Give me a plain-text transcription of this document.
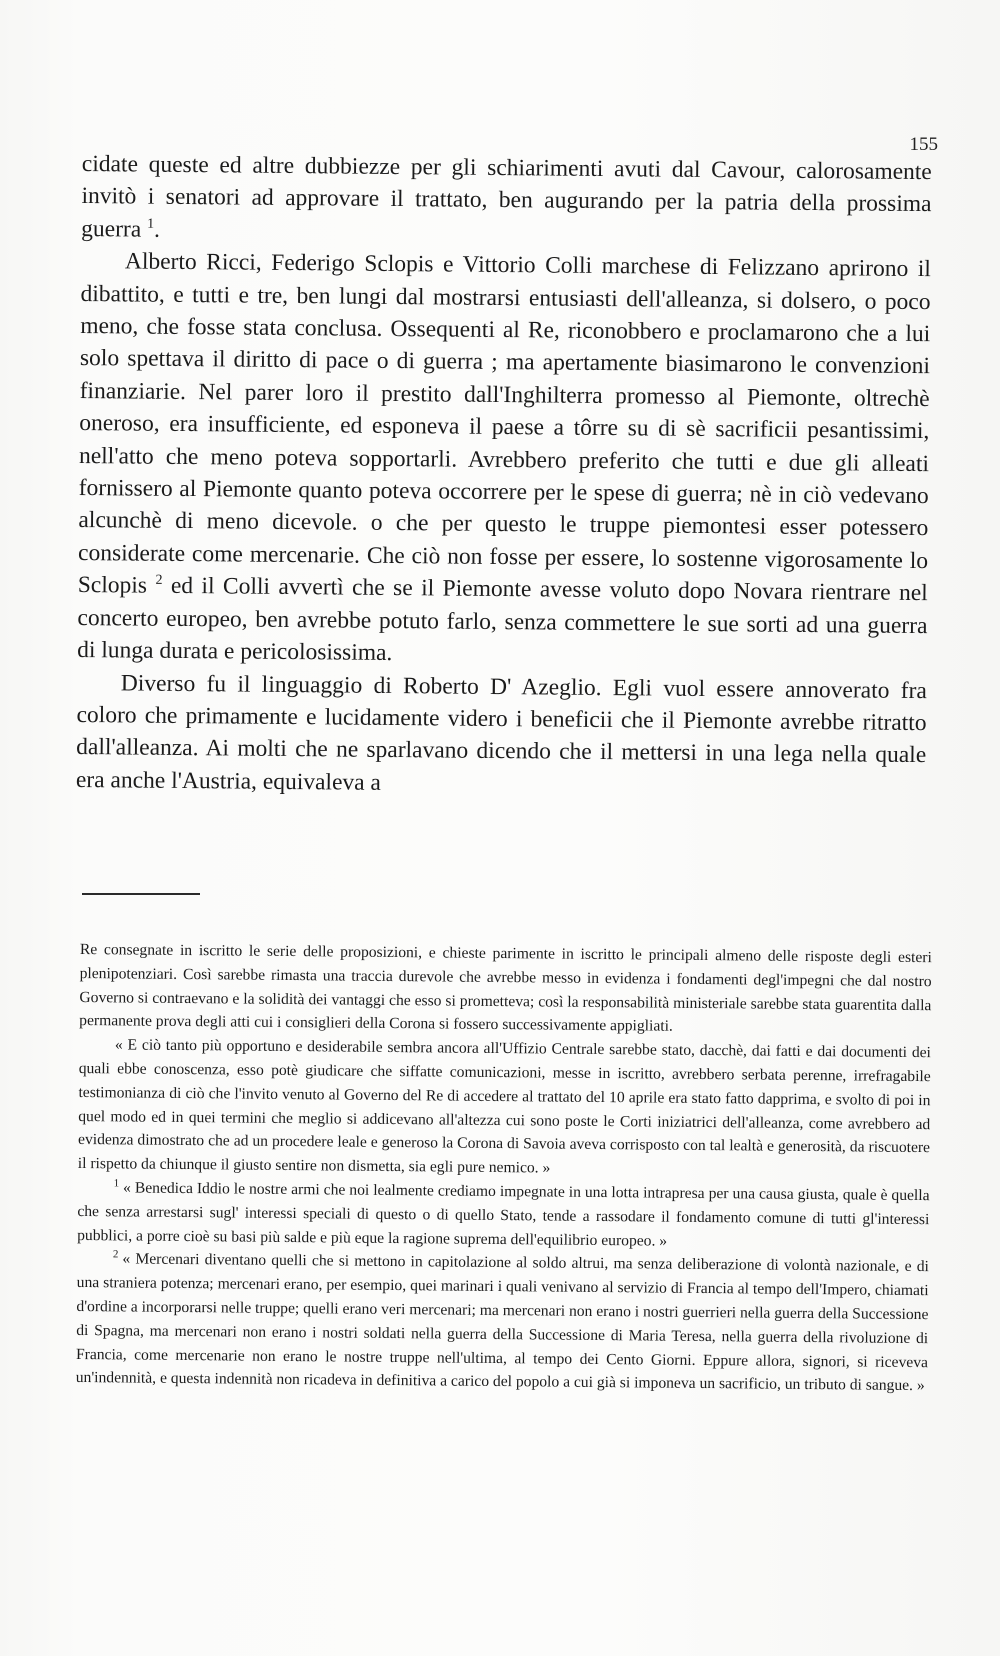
155

cidate queste ed altre dubbiezze per gli schiarimenti avuti dal Cavour, calorosamente invitò i senatori ad approvare il trattato, ben augurando per la patria della prossima guerra $^1$.

Alberto Ricci, Federigo Sclopis e Vittorio Colli marchese di Felizzano aprirono il dibattito, e tutti e tre, ben lungi dal mostrarsi entusiasti dell'alleanza, si dolsero, o poco meno, che fosse stata conclusa. Ossequenti al Re, riconobbero e proclamarono che a lui solo spettava il diritto di pace o di guerra ; ma apertamente biasimarono le convenzioni finanziarie. Nel parer loro il prestito dall'Inghilterra promesso al Piemonte, oltrechè oneroso, era insufficiente, ed esponeva il paese a tôrre su di sè sacrificii pesantissimi, nell'atto che meno poteva sopportarli. Avrebbero preferito che tutti e due gli alleati fornissero al Piemonte quanto poteva occorrere per le spese di guerra; nè in ciò vedevano alcunchè di meno dicevole. o che per questo le truppe piemontesi esser potessero considerate come mercenarie. Che ciò non fosse per essere, lo sostenne vigorosamente lo Sclopis $^2$ ed il Colli avvertì che se il Piemonte avesse voluto dopo Novara rientrare nel concerto europeo, ben avrebbe potuto farlo, senza commettere le sue sorti ad una guerra di lunga durata e pericolosissima.

Diverso fu il linguaggio di Roberto D' Azeglio. Egli vuol essere annoverato fra coloro che primamente e lucidamente videro i beneficii che il Piemonte avrebbe ritratto dall'alleanza. Ai molti che ne sparlavano dicendo che il mettersi in una lega nella quale era anche l'Austria, equivaleva a

Re consegnate in iscritto le serie delle proposizioni, e chieste parimente in iscritto le principali almeno delle risposte degli esteri plenipotenziari. Così sarebbe rimasta una traccia durevole che avrebbe messo in evidenza i fondamenti degl'impegni che dal nostro Governo si contraevano e la solidità dei vantaggi che esso si prometteva; così la responsabilità ministeriale sarebbe stata guarentita dalla permanente prova degli atti cui i consiglieri della Corona si fossero successivamente appigliati.

« E ciò tanto più opportuno e desiderabile sembra ancora all'Uffizio Centrale sarebbe stato, dacchè, dai fatti e dai documenti dei quali ebbe conoscenza, esso potè giudicare che siffatte comunicazioni, messe in iscritto, avrebbero serbata perenne, irrefragabile testimonianza di ciò che l'invito venuto al Governo del Re di accedere al trattato del 10 aprile era stato fatto dapprima, e svolto di poi in quel modo ed in quei termini che meglio si addicevano all'altezza cui sono poste le Corti iniziatrici dell'alleanza, come avrebbero ad evidenza dimostrato che ad un procedere leale e generoso la Corona di Savoia aveva corrisposto con tal lealtà e generosità, da riscuotere il rispetto da chiunque il giusto sentire non dismetta, sia egli pure nemico. »

$^1$ « Benedica Iddio le nostre armi che noi lealmente crediamo impegnate in una lotta intrapresa per una causa giusta, quale è quella che senza arrestarsi sugl' interessi speciali di questo o di quello Stato, tende a rassodare il fondamento comune di tutti gl'interessi pubblici, a porre cioè su basi più salde e più eque la ragione suprema dell'equilibrio europeo. »

$^2$ « Mercenari diventano quelli che si mettono in capitolazione al soldo altrui, ma senza deliberazione di volontà nazionale, e di una straniera potenza; mercenari erano, per esempio, quei marinari i quali venivano al servizio di Francia al tempo dell'Impero, chiamati d'ordine a incorporarsi nelle truppe; quelli erano veri mercenari; ma mercenari non erano i nostri guerrieri nella guerra della Successione di Spagna, ma mercenari non erano i nostri soldati nella guerra della Successione di Maria Teresa, nella guerra della rivoluzione di Francia, come mercenarie non erano le nostre truppe nell'ultima, al tempo dei Cento Giorni. Eppure allora, signori, si riceveva un'indennità, e questa indennità non ricadeva in definitiva a carico del popolo a cui già si imponeva un sacrificio, un tributo di sangue. »
